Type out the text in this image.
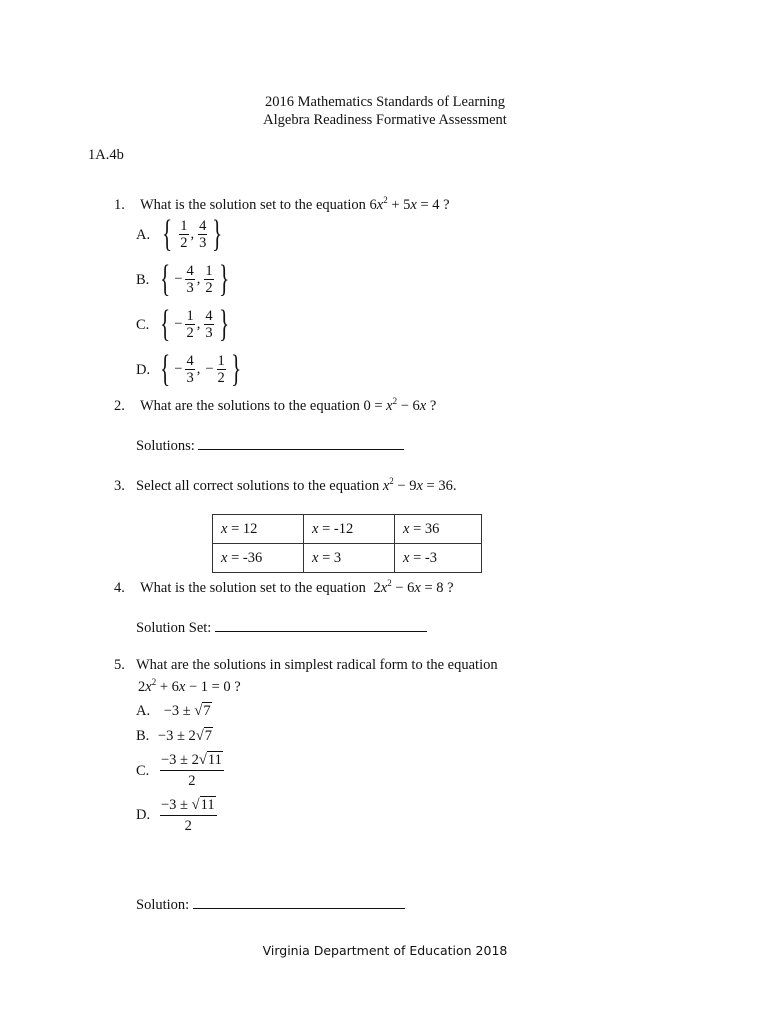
2016 Mathematics Standards of Learning
Algebra Readiness Formative Assessment
1A.4b
1. What is the solution set to the equation $6x^2 + 5x = 4$ ?
A. { $\frac{1}{2}$ , $\frac{4}{3}$ }
B. { − $\frac{4}{3}$ , $\frac{1}{2}$ }
C. { − $\frac{1}{2}$ , $\frac{4}{3}$ }
D. { − $\frac{4}{3}$ , − $\frac{1}{2}$ }
2. What are the solutions to the equation $0 = x^2 - 6x$ ?
Solutions:
3. Select all correct solutions to the equation $x^2 - 9x = 36$.
x = 12	x = -12	x = 36
x = -36	x = 3	x = -3
4. What is the solution set to the equation $2x^2 - 6x = 8$ ?
Solution Set:
5. What are the solutions in simplest radical form to the equation
$2x^2 + 6x - 1 = 0$ ?
A. −3 ± √7
B. −3 ± 2√7
C.
−3 ± 2√11
2
D.
−3 ± √11
2
Solution:
Virginia Department of Education 2018
